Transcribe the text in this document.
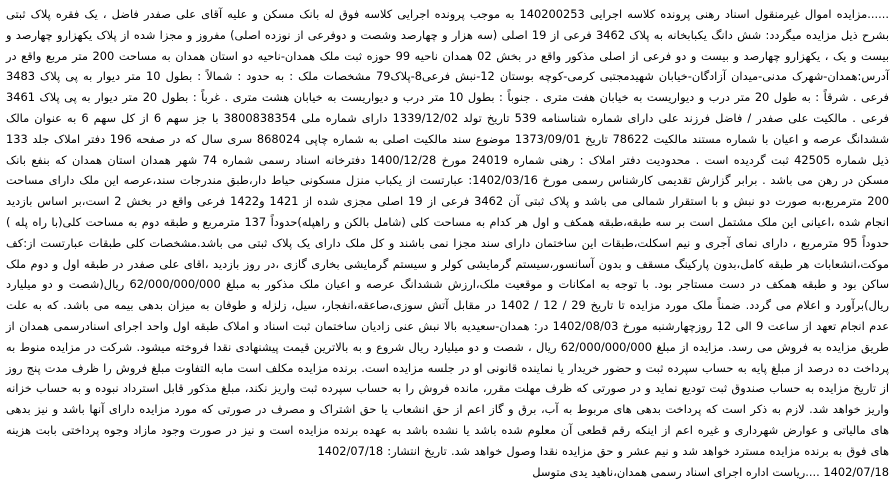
......مزایده اموال غیرمنقول اسناد رهنی پرونده کلاسه اجرایی 140200253 به موجب پرونده اجرایی کلاسه فوق له بانک مسکن و علیه آقای علی صفدر فاضل ، یک فقره پلاک ثبتی بشرح ذیل مزایده میگردد: شش دانگ یکبابخانه به پلاک 3462 فرعی از 19 اصلی (سه هزار و چهارصد وشصت و دوفرعی از نوزده اصلی) مفروز و مجزا شده از پلاک یکهزارو چهارصد و بیست و یک ، یکهزارو چهارصد و بیست و دو فرعی از اصلی مذکور واقع در بخش 02 همدان ناحیه 99 حوزه ثبت ملک همدان-ناحیه دو استان همدان به مساحت 200 متر مربع واقع در آدرس:همدان-شهرک مدنی-میدان آزادگان-خیابان شهیدمجتبی کرمی-کوچه بوستان 12-نبش فرعی8-پلاک79 مشخصات ملک : به حدود : شمالاً : بطول 10 متر دیوار به پی پلاک 3483 فرعی . شرقاً : به طول 20 متر درب و دیواریست به خیابان هفت متری . جنوباً : بطول 10 متر درب و دیواریست به خیابان هشت متری . غرباً : بطول 20 متر دیوار به پی پلاک 3461 فرعی . مالکیت علی صفدر / فاضل فرزند علی دارای شماره شناسنامه 539 تاریخ تولد 1339/12/02 دارای شماره ملی 3800838354 با جز سهم 6 از کل سهم 6 به عنوان مالک ششدانگ عرصه و اعیان با شماره مستند مالکیت 78622 تاریخ 1373/09/01 موضوع سند مالکیت اصلی به شماره چاپی 868024 سری سال که در صفحه 196 دفتر املاک جلد 133 ذیل شماره 42505 ثبت گردیده است . محدودیت دفتر املاک : رهنی شماره 24019 مورخ 1400/12/28 دفترخانه اسناد رسمی شماره 74 شهر همدان استان همدان که بنفع بانک مسکن در رهن می باشد . برابر گزارش تقدیمی کارشناس رسمی مورخ 1402/03/16: عبارتست از یکباب منزل مسکونی حیاط دار،طبق مندرجات سند،عرصه این ملک دارای مساحت 200 مترمربع،به صورت دو نبش و با استقرار شمالی می باشد و پلاک ثبتی آن 3462 فرعی از 19 اصلی مجزی شده از 1421 و1422 فرعی واقع در بخش 2 است،بر اساس بازدید انجام شده ،اعیانی این ملک مشتمل است بر سه طبقه،طبقه همکف و اول هر کدام به مساحت کلی (شامل بالکن و راهپله)حدوداً 137 مترمربع و طبقه دوم به مساحت کلی(با راه پله ) حدوداً 95 مترمربع ، دارای نمای آجری و نیم اسکلت،طبقات این ساختمان دارای سند مجزا نمی باشند و کل ملک دارای یک پلاک ثبتی می باشد.مشخصات کلی طبقات عبارتست از:کف موکت،انشعابات هر طبقه کامل،بدون پارکینگ مسقف و بدون آسانسور،سیستم گرمایشی کولر و سیستم گرمایشی بخاری گازی ،در روز بازدید ،اقای علی صفدر در طبقه اول و دوم ملک ساکن بود و طبقه همکف در دست مستاجر بود. با توجه به امکانات و موقعیت ملک،ارزش ششدانگ عرصه و اعیان ملک مذکور به مبلغ 62/000/000/000 ریال(شصت و دو میلیارد ریال)برآورد و اعلام می گردد. ضمناً ملک مورد مزایده تا تاریخ 29 / 12 / 1402 در مقابل آتش سوزی،صاعقه،انفجار، سیل، زلزله و طوفان به میزان بدهی بیمه می باشد. که به علت عدم انجام تعهد از ساعت 9 الی 12 روزچهارشنبه مورخ 1402/08/03 در: همدان-سعیدیه بالا نبش عنی زادیان ساختمان ثبت اسناد و املاک طبقه اول واحد اجرای اسنادرسمی همدان از طریق مزایده به فروش می رسد. مزایده از مبلغ 62/000/000/000 ریال ، شصت و دو میلیارد ریال شروع و به بالاترین قیمت پیشنهادی نقدا فروخته میشود. شرکت در مزایده منوط به پرداخت ده درصد از مبلغ پایه به حساب سپرده ثبت و حضور خریدار یا نماینده قانونی او در جلسه مزایده است. برنده مزایده مکلف است مابه التفاوت مبلغ فروش را ظرف مدت پنج روز از تاریخ مزایده به حساب صندوق ثبت تودیع نماید و در صورتی که ظرف مهلت مقرر، مانده فروش را به حساب سپرده ثبت واریز نکند، مبلغ مذکور قابل استرداد نبوده و به حساب خزانه واریز خواهد شد. لازم به ذکر است که پرداخت بدهی های مربوط به آب، برق و گاز اعم از حق انشعاب یا حق اشتراک و مصرف در صورتی که مورد مزایده دارای آنها باشد و نیز بدهی های مالیاتی و عوارض شهرداری و غیره اعم از اینکه رقم قطعی آن معلوم شده باشد یا نشده باشد به عهده برنده مزایده است و نیز در صورت وجود مازاد وجوه پرداختی بابت هزینه های فوق به برنده مزایده مسترد خواهد شد و نیم عشر و حق مزایده نقدا وصول خواهد شد. تاریخ انتشار: 1402/07/18

1402/07/18 ....ریاست اداره اجرای اسناد رسمی همدان،ناهید یدی متوسل
